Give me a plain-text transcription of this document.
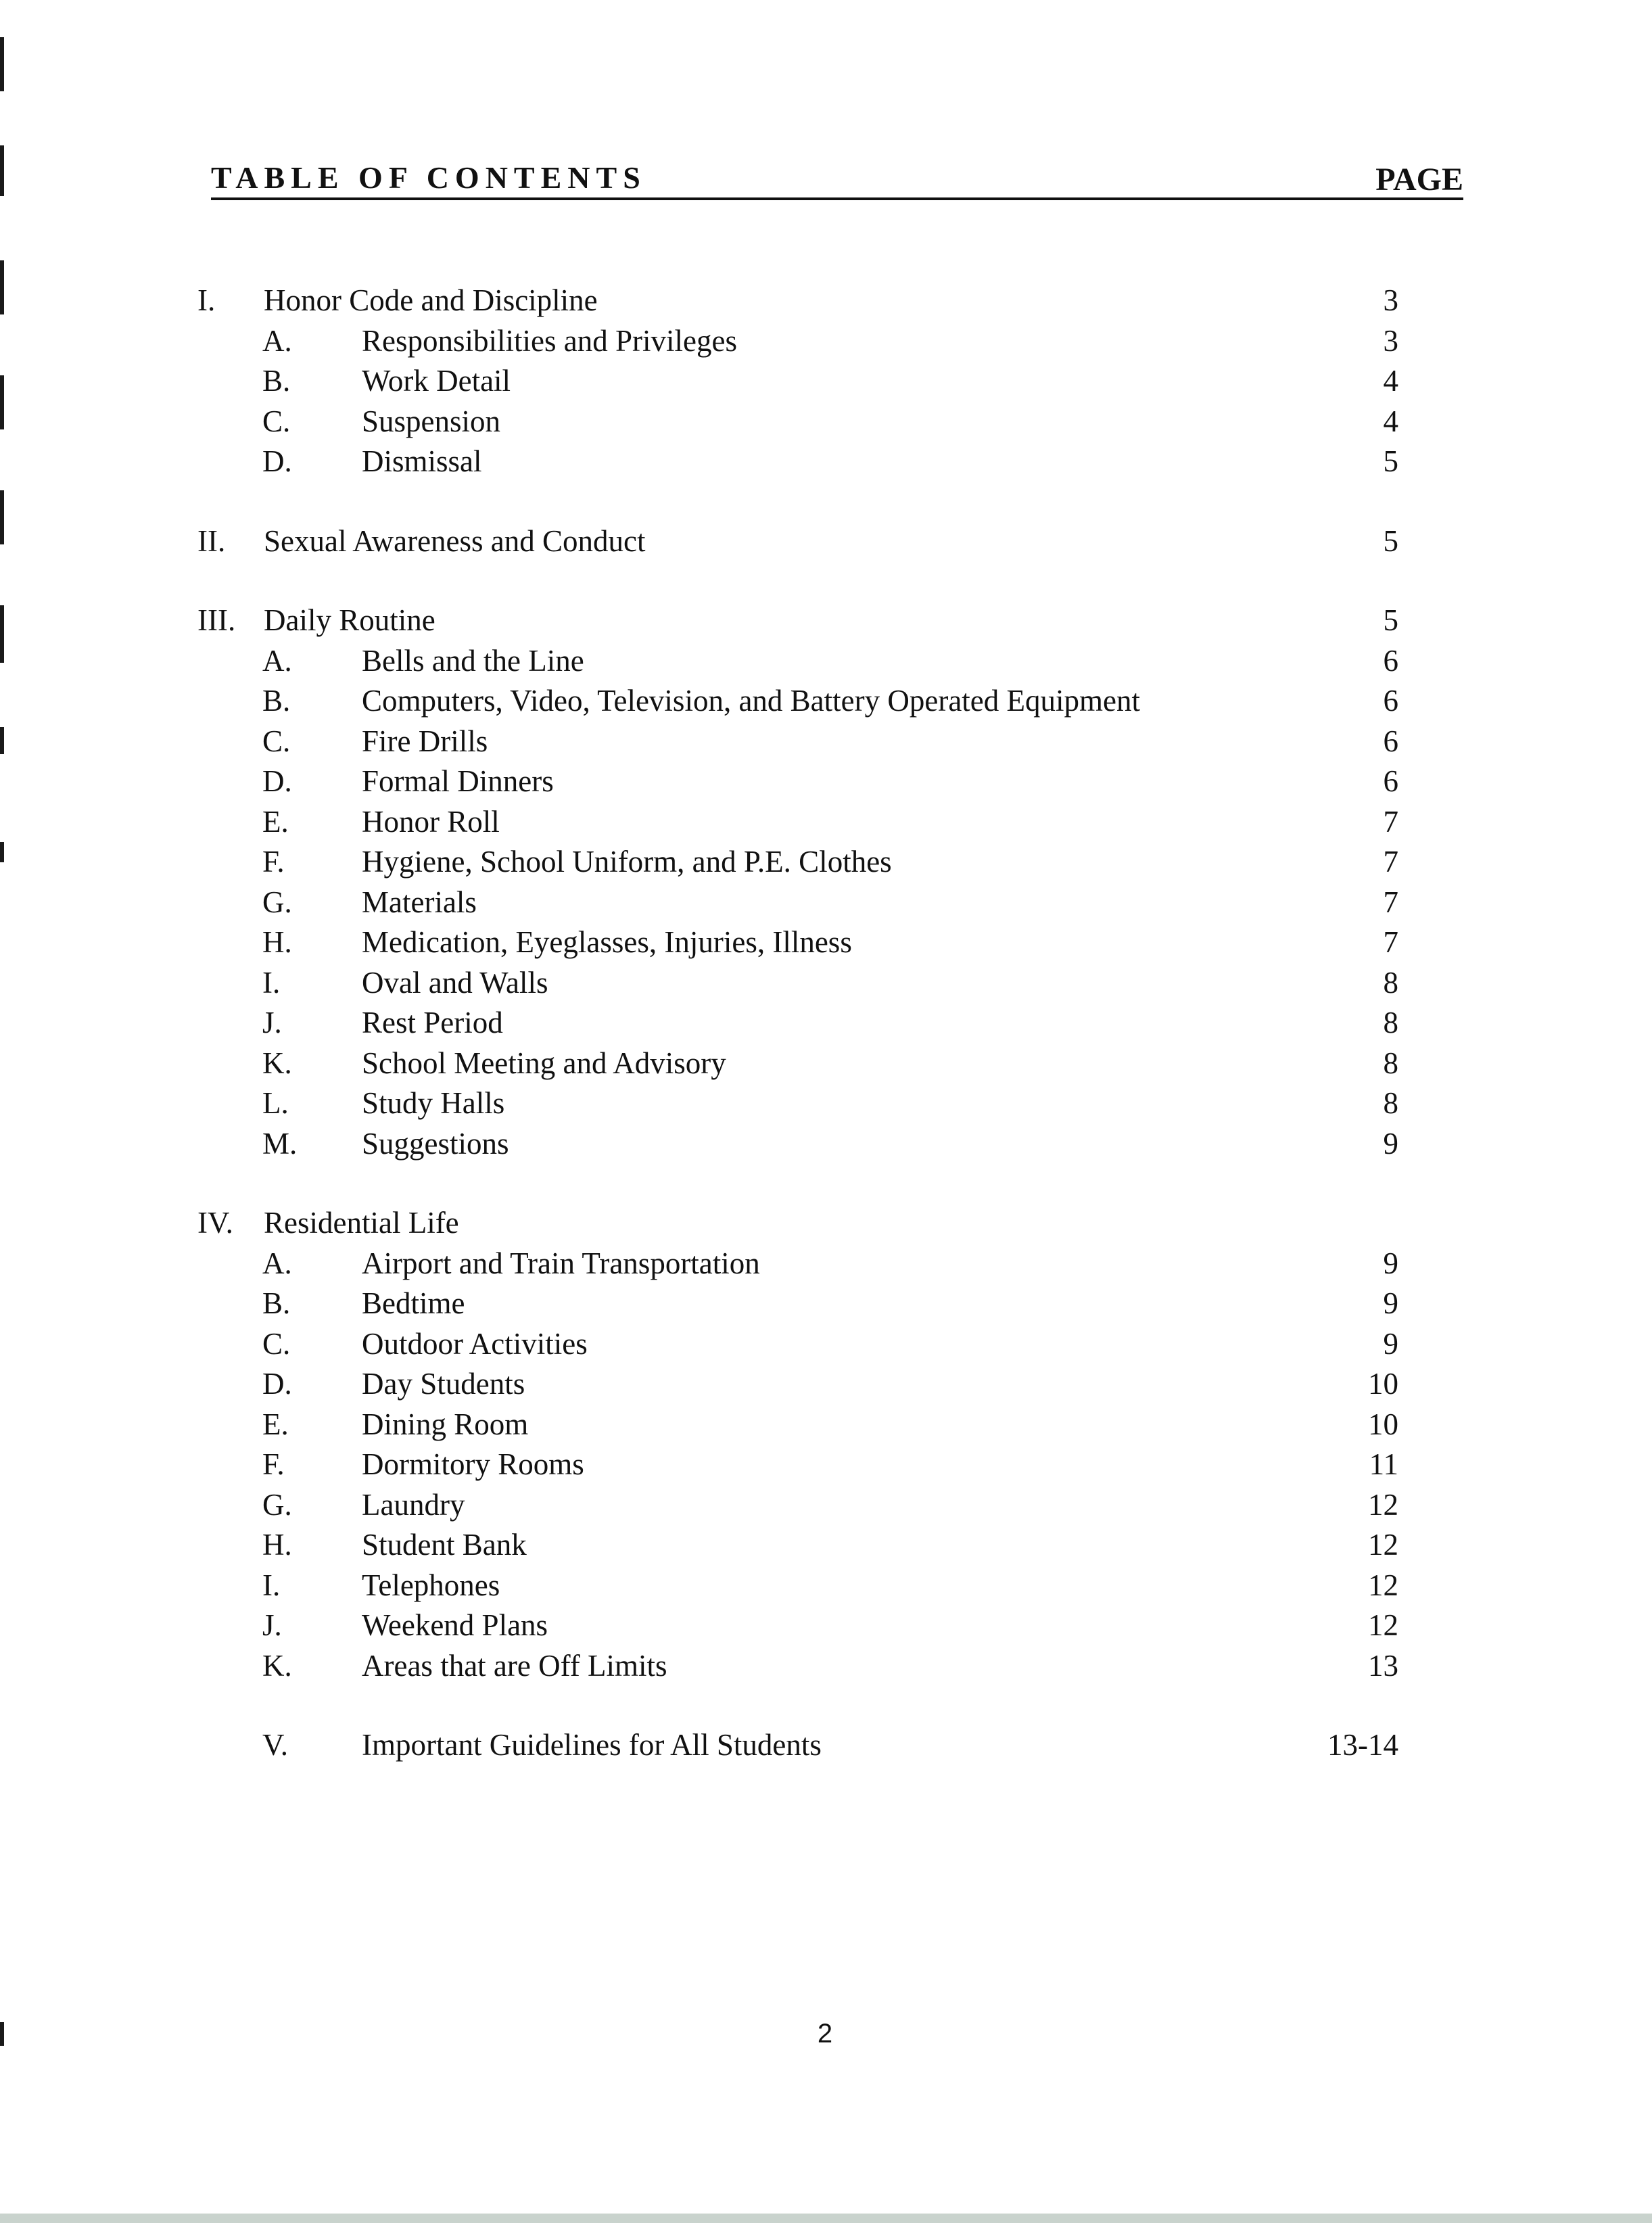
TABLE OF CONTENTS	PAGE
I. Honor Code and Discipline	3
A. Responsibilities and Privileges	3
B. Work Detail	4
C. Suspension	4
D. Dismissal	5
II. Sexual Awareness and Conduct	5
III. Daily Routine	5
A. Bells and the Line	6
B. Computers, Video, Television, and Battery Operated Equipment	6
C. Fire Drills	6
D. Formal Dinners	6
E. Honor Roll	7
F.	Hygiene, School Uniform, and P.E. Clothes	7
G. Materials	7
H. Medication, Eyeglasses, Injuries, Illness	7
I.	Oval and Walls	8
J.	Rest Period	8
K. School Meeting and Advisory	8
L. Study Halls	8
M. Suggestions	9
IV. Residential Life
A. Airport and Train Transportation	9
B. Bedtime	9
C. Outdoor Activities	9
D. Day Students	10
E. Dining Room	10
F.	Dormitory Rooms	11
G. Laundry	12
H. Student Bank	12
I.	Telephones	12
J.	Weekend Plans	12
K. Areas that are Off Limits	13
V. Important Guidelines for All Students	13-14
2
